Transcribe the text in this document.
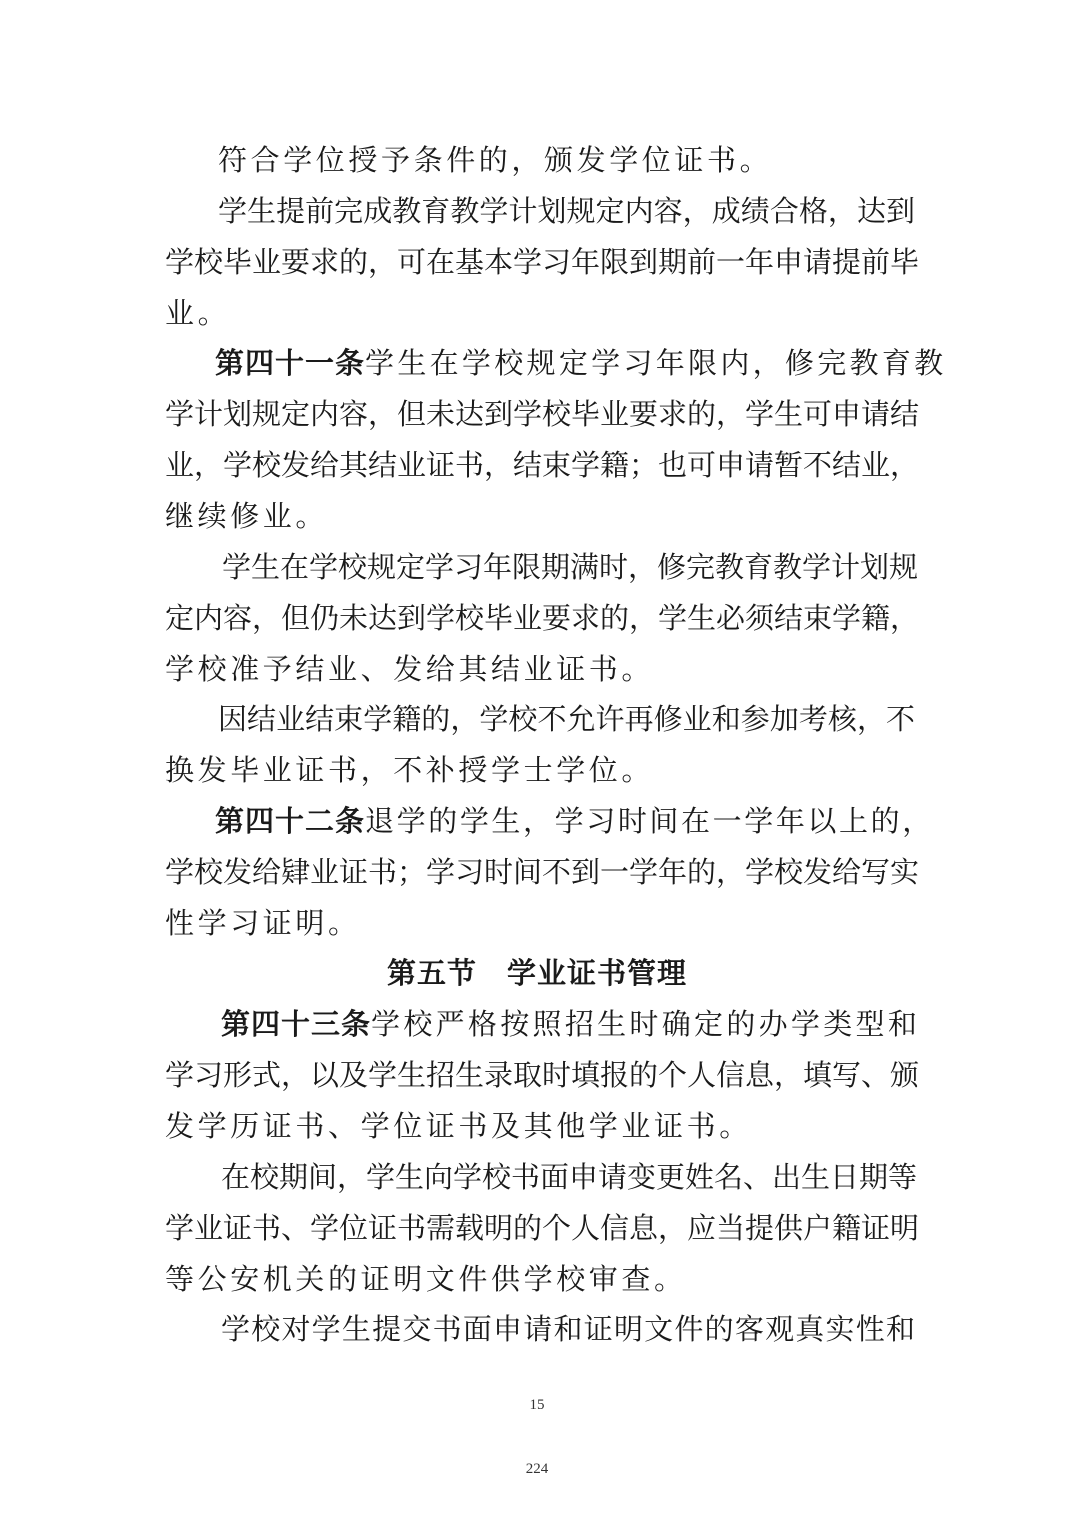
符合学位授予条件的，颁发学位证书。
学生提前完成教育教学计划规定内容，成绩合格，达到
学校毕业要求的，可在基本学习年限到期前一年申请提前毕
业。
第四十一条 学生在学校规定学习年限内，修完教育教
学计划规定内容，但未达到学校毕业要求的，学生可申请结
业，学校发给其结业证书，结束学籍；也可申请暂不结业，
继续修业。
学生在学校规定学习年限期满时，修完教育教学计划规
定内容，但仍未达到学校毕业要求的，学生必须结束学籍，
学校准予结业、发给其结业证书。
因结业结束学籍的，学校不允许再修业和参加考核，不
换发毕业证书，不补授学士学位。
第四十二条 退学的学生，学习时间在一学年以上的，
学校发给肄业证书；学习时间不到一学年的，学校发给写实
性学习证明。
第五节　学业证书管理
第四十三条 学校严格按照招生时确定的办学类型和
学习形式，以及学生招生录取时填报的个人信息，填写、颁
发学历证书、学位证书及其他学业证书。
在校期间，学生向学校书面申请变更姓名、出生日期等
学业证书、学位证书需载明的个人信息，应当提供户籍证明
等公安机关的证明文件供学校审查。
学校对学生提交书面申请和证明文件的客观真实性和
15
224
